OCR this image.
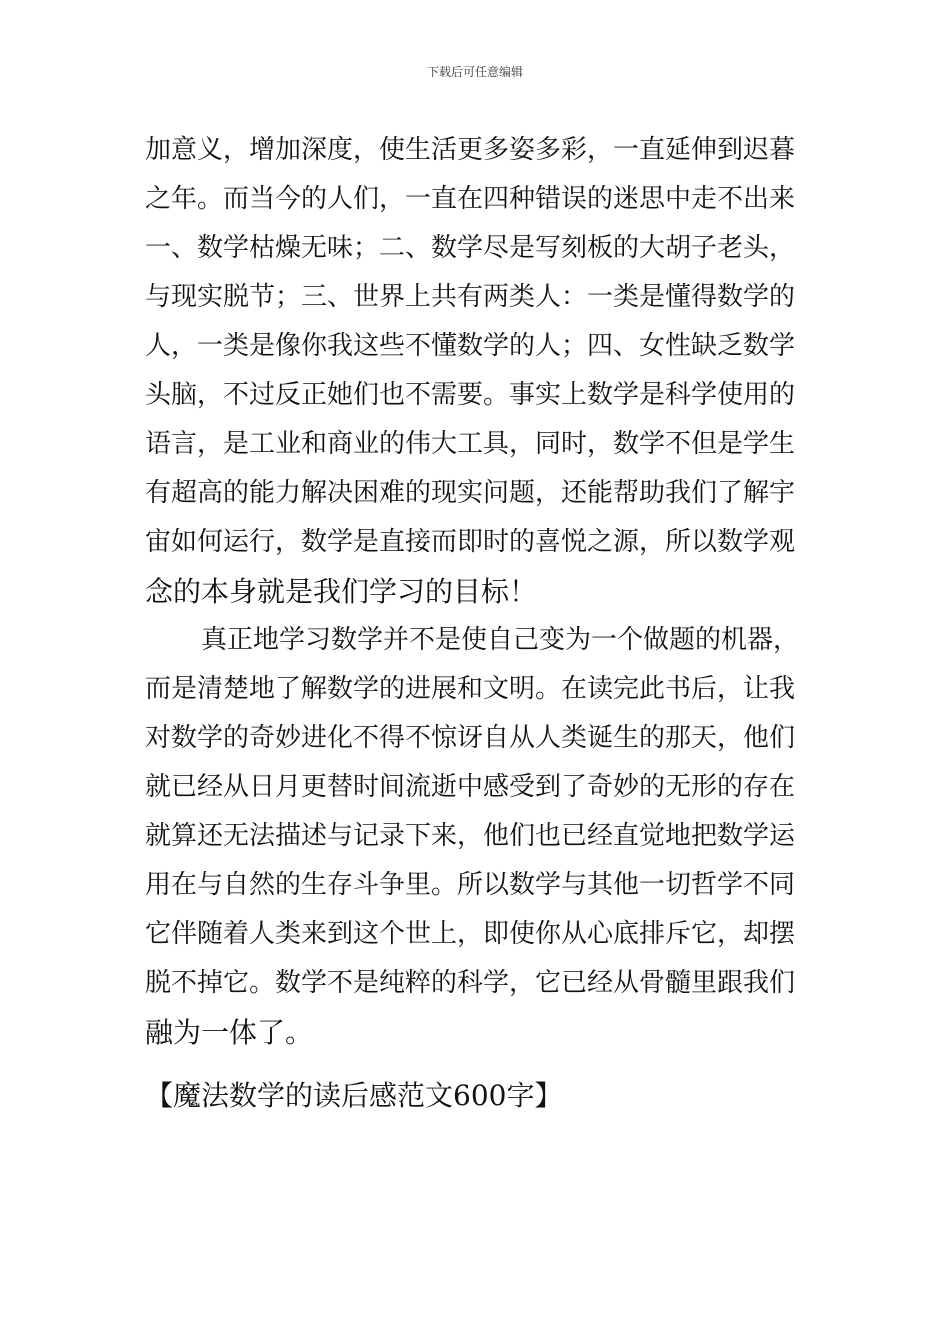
下载后可任意编辑
加意义，增加深度，使生活更多姿多彩，一直延伸到迟暮
之年。而当今的人们，一直在四种错误的迷思中走不出来
一、数学枯燥无味；二、数学尽是写刻板的大胡子老头，
与现实脱节；三、世界上共有两类人：一类是懂得数学的
人，一类是像你我这些不懂数学的人；四、女性缺乏数学
头脑，不过反正她们也不需要。事实上数学是科学使用的
语言，是工业和商业的伟大工具，同时，数学不但是学生
有超高的能力解决困难的现实问题，还能帮助我们了解宇
宙如何运行，数学是直接而即时的喜悦之源，所以数学观
念的本身就是我们学习的目标！
真正地学习数学并不是使自己变为一个做题的机器，
而是清楚地了解数学的进展和文明。在读完此书后，让我
对数学的奇妙进化不得不惊讶自从人类诞生的那天，他们
就已经从日月更替时间流逝中感受到了奇妙的无形的存在
就算还无法描述与记录下来，他们也已经直觉地把数学运
用在与自然的生存斗争里。所以数学与其他一切哲学不同
它伴随着人类来到这个世上，即使你从心底排斥它，却摆
脱不掉它。数学不是纯粹的科学，它已经从骨髓里跟我们
融为一体了。
【魔法数学的读后感范文600字】
